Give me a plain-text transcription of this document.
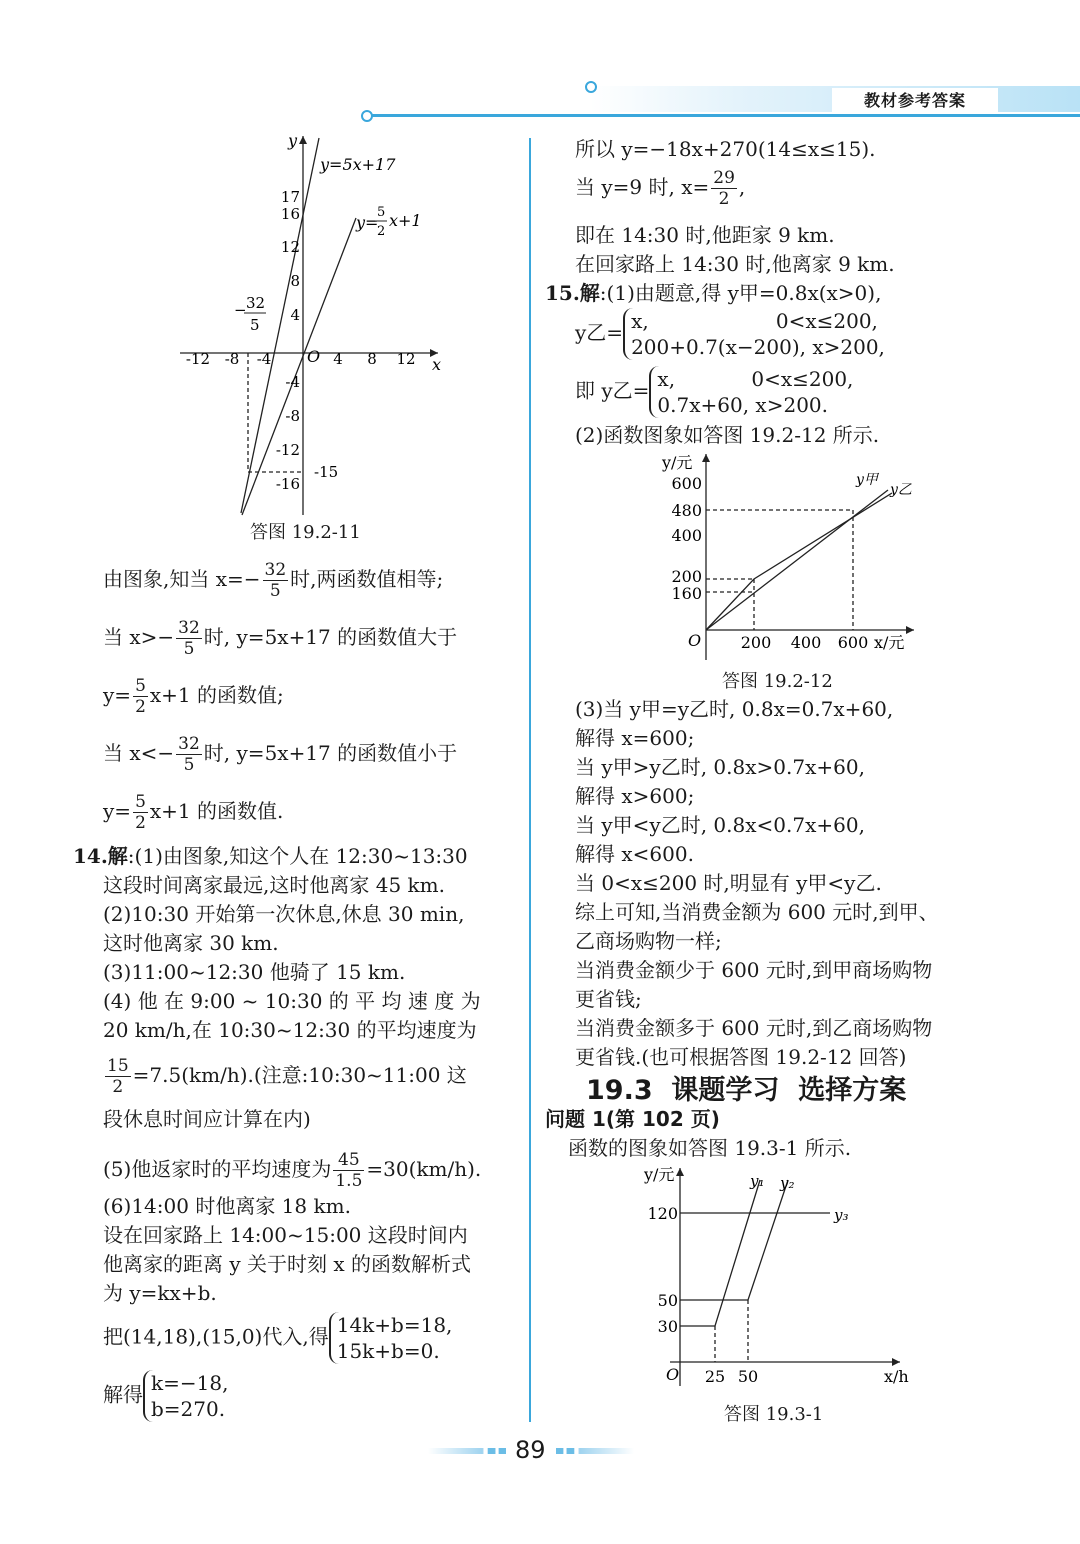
教材参考答案
y
x
O
y=5x+17
y=
5
2
x+1
17
16
12
8
4
-4
-8
-12
-16
-15
-12 -8 -4	4 8 12
− 32
5
答图 19.2-11
由图象,知当 $x=- \frac{32}{5}$ 时,两函数值相等;
当 $x>- \frac{32}{5}$ 时, y=5x+17 的函数值大于
$y= \frac{5}{2} x+1$ 的函数值;
当 $x<- \frac{32}{5}$ 时, y=5x+17 的函数值小于
$y= \frac{5}{2} x+1$ 的函数值.
14.解:(1)由图象,知这个人在 12:30~13:30
这段时间离家最远,这时他离家 45 km.
(2)10:30 开始第一次休息,休息 30 min,
这时他离家 30 km.
(3)11:00~12:30 他骑了 15 km.
(4) 他 在 9:00 ~ 10:30 的 平 均 速 度 为
20 km/h,在 10:30~12:30 的平均速度为
$\frac{15}{2} =7.5(km/h)$.(注意:10:30~11:00 这
段休息时间应计算在内)
(5)他返家时的平均速度为 $\frac{45}{1.5} =30(km/h)$.
(6)14:00 时他离家 18 km.
设在回家路上 14:00~15:00 这段时间内
他离家的距离 y 关于时刻 x 的函数解析式
为 y=kx+b.
把(14,18),(15,0)代入,得 14k+b=18,
15k+b=0.
解得 k=−18,
b=270.
所以 y=−18x+270(14≤x≤15).
当 y=9 时, $x= \frac{29}{2}$ ,
即在 14:30 时,他距家 9 km.
在回家路上 14:30 时,他离家 9 km.
15.解:(1)由题意,得 y甲=0.8x(x>0),
y乙= x,                    0<x≤200,
200+0.7(x−200), x>200,
即 y乙= x,            0<x≤200,
0.7x+60, x>200.
(2)函数图象如答图 19.2-12 所示.
y/元
x/元
O
600
480
400
200
160
200 400 600
y甲
y乙
答图 19.2-12
(3)当 y甲=y乙时, 0.8x=0.7x+60,
解得 x=600;
当 y甲>y乙时, 0.8x>0.7x+60,
解得 x>600;
当 y甲<y乙时, 0.8x<0.7x+60,
解得 x<600.
当 0<x≤200 时,明显有 y甲<y乙.
综上可知,当消费金额为 600 元时,到甲、
乙商场购物一样;
当消费金额少于 600 元时,到甲商场购物
更省钱;
当消费金额多于 600 元时,到乙商场购物
更省钱.(也可根据答图 19.2-12 回答)
19.3  课题学习  选择方案
问题 1(第 102 页)
函数的图象如答图 19.3-1 所示.
y/元
x/h
O
120
50
30
25 50
y₁ y₂
y₃
答图 19.3-1
89
